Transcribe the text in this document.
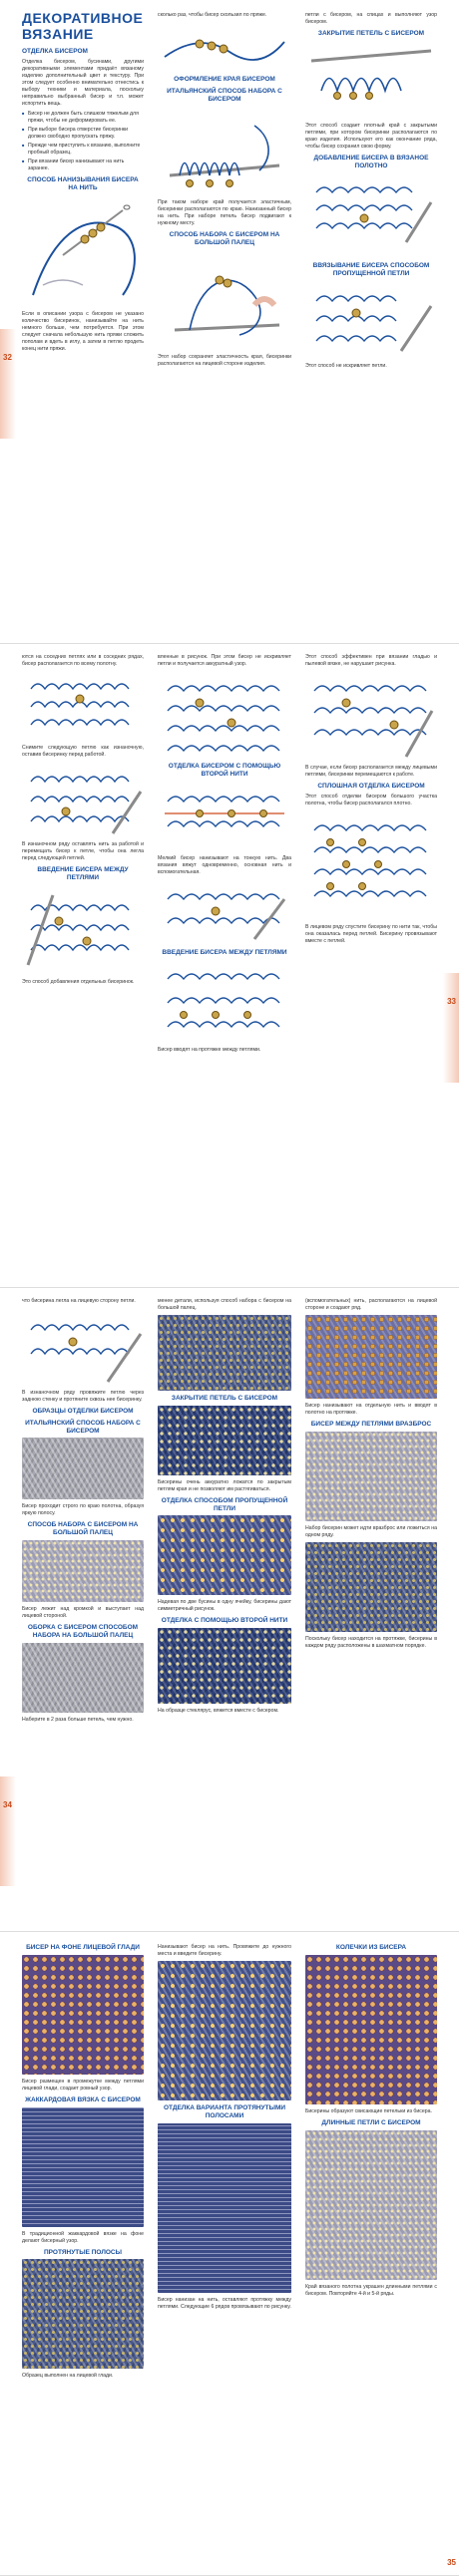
32
ДЕКОРАТИВНОЕ ВЯЗАНИЕ
ОТДЕЛКА БИСЕРОМ
Отделка бисером, бусинами, другими декоративными элементами придаёт вязаному изделию дополнительный цвет и текстуру. При этом следует особенно внимательно отнестись к выбору техники и материала, поскольку неправильно выбранный бисер и т.п. может испортить вещь.
■ Бисер не должен быть слишком тяжелым для пряжи, чтобы не деформировать ее.
■ При выборе бисера отверстие бисеринки должно свободно пропускать пряжу.
■ Прежде чем приступить к вязанию, выполните пробный образец.
■ При вязании бисер нанизывают на нить заранее.
СПОСОБ НАНИЗЫВАНИЯ БИСЕРА НА НИТЬ
Если в описании узора с бисером не указано количество бисеринок, нанизывайте на нить немного больше, чем потребуется. При этом следует сначала небольшую нить пряжи сложить пополам и вдеть в иглу, а затем в петлю продеть конец нити пряжи.
сколько раз, чтобы бисер скользил по пряже.
ОФОРМЛЕНИЕ КРАЯ БИСЕРОМ
ИТАЛЬЯНСКИЙ СПОСОБ НАБОРА С БИСЕРОМ
При таком наборе край получается эластичным, бисеринки располагаются по краю. Нанизанный бисер на нить. При наборе петель бисер подвигают к нужному месту.
СПОСОБ НАБОРА С БИСЕРОМ НА БОЛЬШОЙ ПАЛЕЦ
Этот набор сохраняет эластичность края, бисеринки располагаются на лицевой стороне изделия.
петли с бисером, на спицах и выполняют узор бисером.
ЗАКРЫТИЕ ПЕТЕЛЬ С БИСЕРОМ
Этот способ создает плотный край с закрытыми петлями, при котором бисеринки располагаются по краю изделия. Используют его как окончание ряда, чтобы бисер сохранил свою форму.
ДОБАВЛЕНИЕ БИСЕРА В ВЯЗАНОЕ ПОЛОТНО
ВВЯЗЫВАНИЕ БИСЕРА СПОСОБОМ ПРОПУЩЕННОЙ ПЕТЛИ
Этот способ не искривляет петли.
33
ются на соседних петлях или в соседних рядах, бисер располагается по всему полотну.
Снимите следующую петлю как изнаночную, оставив бисеринку перед работой.
В изнаночном ряду оставлять нить за работой и перемещать бисер к петле, чтобы она легла перед следующей петлей.
ВВЕДЕНИЕ БИСЕРА МЕЖДУ ПЕТЛЯМИ
Это способ добавления отдельных бисеринок.
вленные в рисунок. При этом бисер не искривляет петли и получается аккуратный узор.
ОТДЕЛКА БИСЕРОМ С ПОМОЩЬЮ ВТОРОЙ НИТИ
Мелкий бисер нанизывают на тонкую нить. Два вязания вяжут одновременно, основная нить и вспомогательная.
ВВЕДЕНИЕ БИСЕРА МЕЖДУ ПЕТЛЯМИ
Бисер вводят на протяжке между петлями.
Этот способ эффективен при вязании гладью и пылевой вязке, не нарушает рисунка.
В случае, если бисер располагается между лицевыми петлями, бисеринки перемещаются к работе.
СПЛОШНАЯ ОТДЕЛКА БИСЕРОМ
Этот способ отделки бисером большого участка полотна, чтобы бисер располагался плотно.
В лицевом ряду спустите бисерину по нити так, чтобы она оказалась перед петлей. Бисерину провязывают вместе с петлей.
34
что бисерина легла на лицевую сторону петли.
В изнаночном ряду провяжите петлю через заднюю стенку и протяните сквозь нее бисеринку.
ОБРАЗЦЫ ОТДЕЛКИ БИСЕРОМ
ИТАЛЬЯНСКИЙ СПОСОБ НАБОРА С БИСЕРОМ
Бисер проходит строго по краю полотна, образуя яркую полосу.
СПОСОБ НАБОРА С БИСЕРОМ НА БОЛЬШОЙ ПАЛЕЦ
Бисер лежит над кромкой и выступает над лицевой стороной.
ОБОРКА С БИСЕРОМ СПОСОБОМ НАБОРА НА БОЛЬШОЙ ПАЛЕЦ
Наберите в 2 раза больше петель, чем нужно.
менее детали, используя способ набора с бисером на большой палец.
ЗАКРЫТИЕ ПЕТЕЛЬ С БИСЕРОМ
Бисерины очень аккуратно ложатся по закрытым петлям края и не позволяют им растягиваться.
ОТДЕЛКА СПОСОБОМ ПРОПУЩЕННОЙ ПЕТЛИ
Надевая по две бусины в одну ячейку, бисерины дают симметричный рисунок.
ОТДЕЛКА С ПОМОЩЬЮ ВТОРОЙ НИТИ
На образце стеклярус, вяжется вместе с бисером.
(вспомогательных) нить, располагаются на лицевой стороне и создают ряд.
Бисер нанизывают на отдельную нить и вводят в полотно на протяжке.
БИСЕР МЕЖДУ ПЕТЛЯМИ ВРАЗБРОС
Набор бисерин может идти вразброс или ложиться на одном ряду.
Поскольку бисер находится на протяжке, бисерины в каждом ряду расположены в шахматном порядке.
35
БИСЕР НА ФОНЕ ЛИЦЕВОЙ ГЛАДИ
Бисер размещен в промежутке между петлями лицевой глади, создает ровный узор.
ЖАККАРДОВАЯ ВЯЗКА С БИСЕРОМ
В традиционной жаккардовой вязке на фоне делают бисерный узор.
ПРОТЯНУТЫЕ ПОЛОСЫ
Образец выполнен на лицевой глади.
Нанизывают бисер на нить. Провяжите до нужного места и введите бисерину.
ОТДЕЛКА ВАРИАНТА ПРОТЯНУТЫМИ ПОЛОСАМИ
Бисер нанизан на нить, оставляют протяжку между петлями. Следующие 6 рядов провязывают по рисунку.
КОЛЕЧКИ ИЗ БИСЕРА
Бисерины образуют свисающие петельки из бисера.
ДЛИННЫЕ ПЕТЛИ С БИСЕРОМ
Край вязаного полотна украшен длинными петлями с бисером. Повторяйте 4-й и 5-й ряды.
